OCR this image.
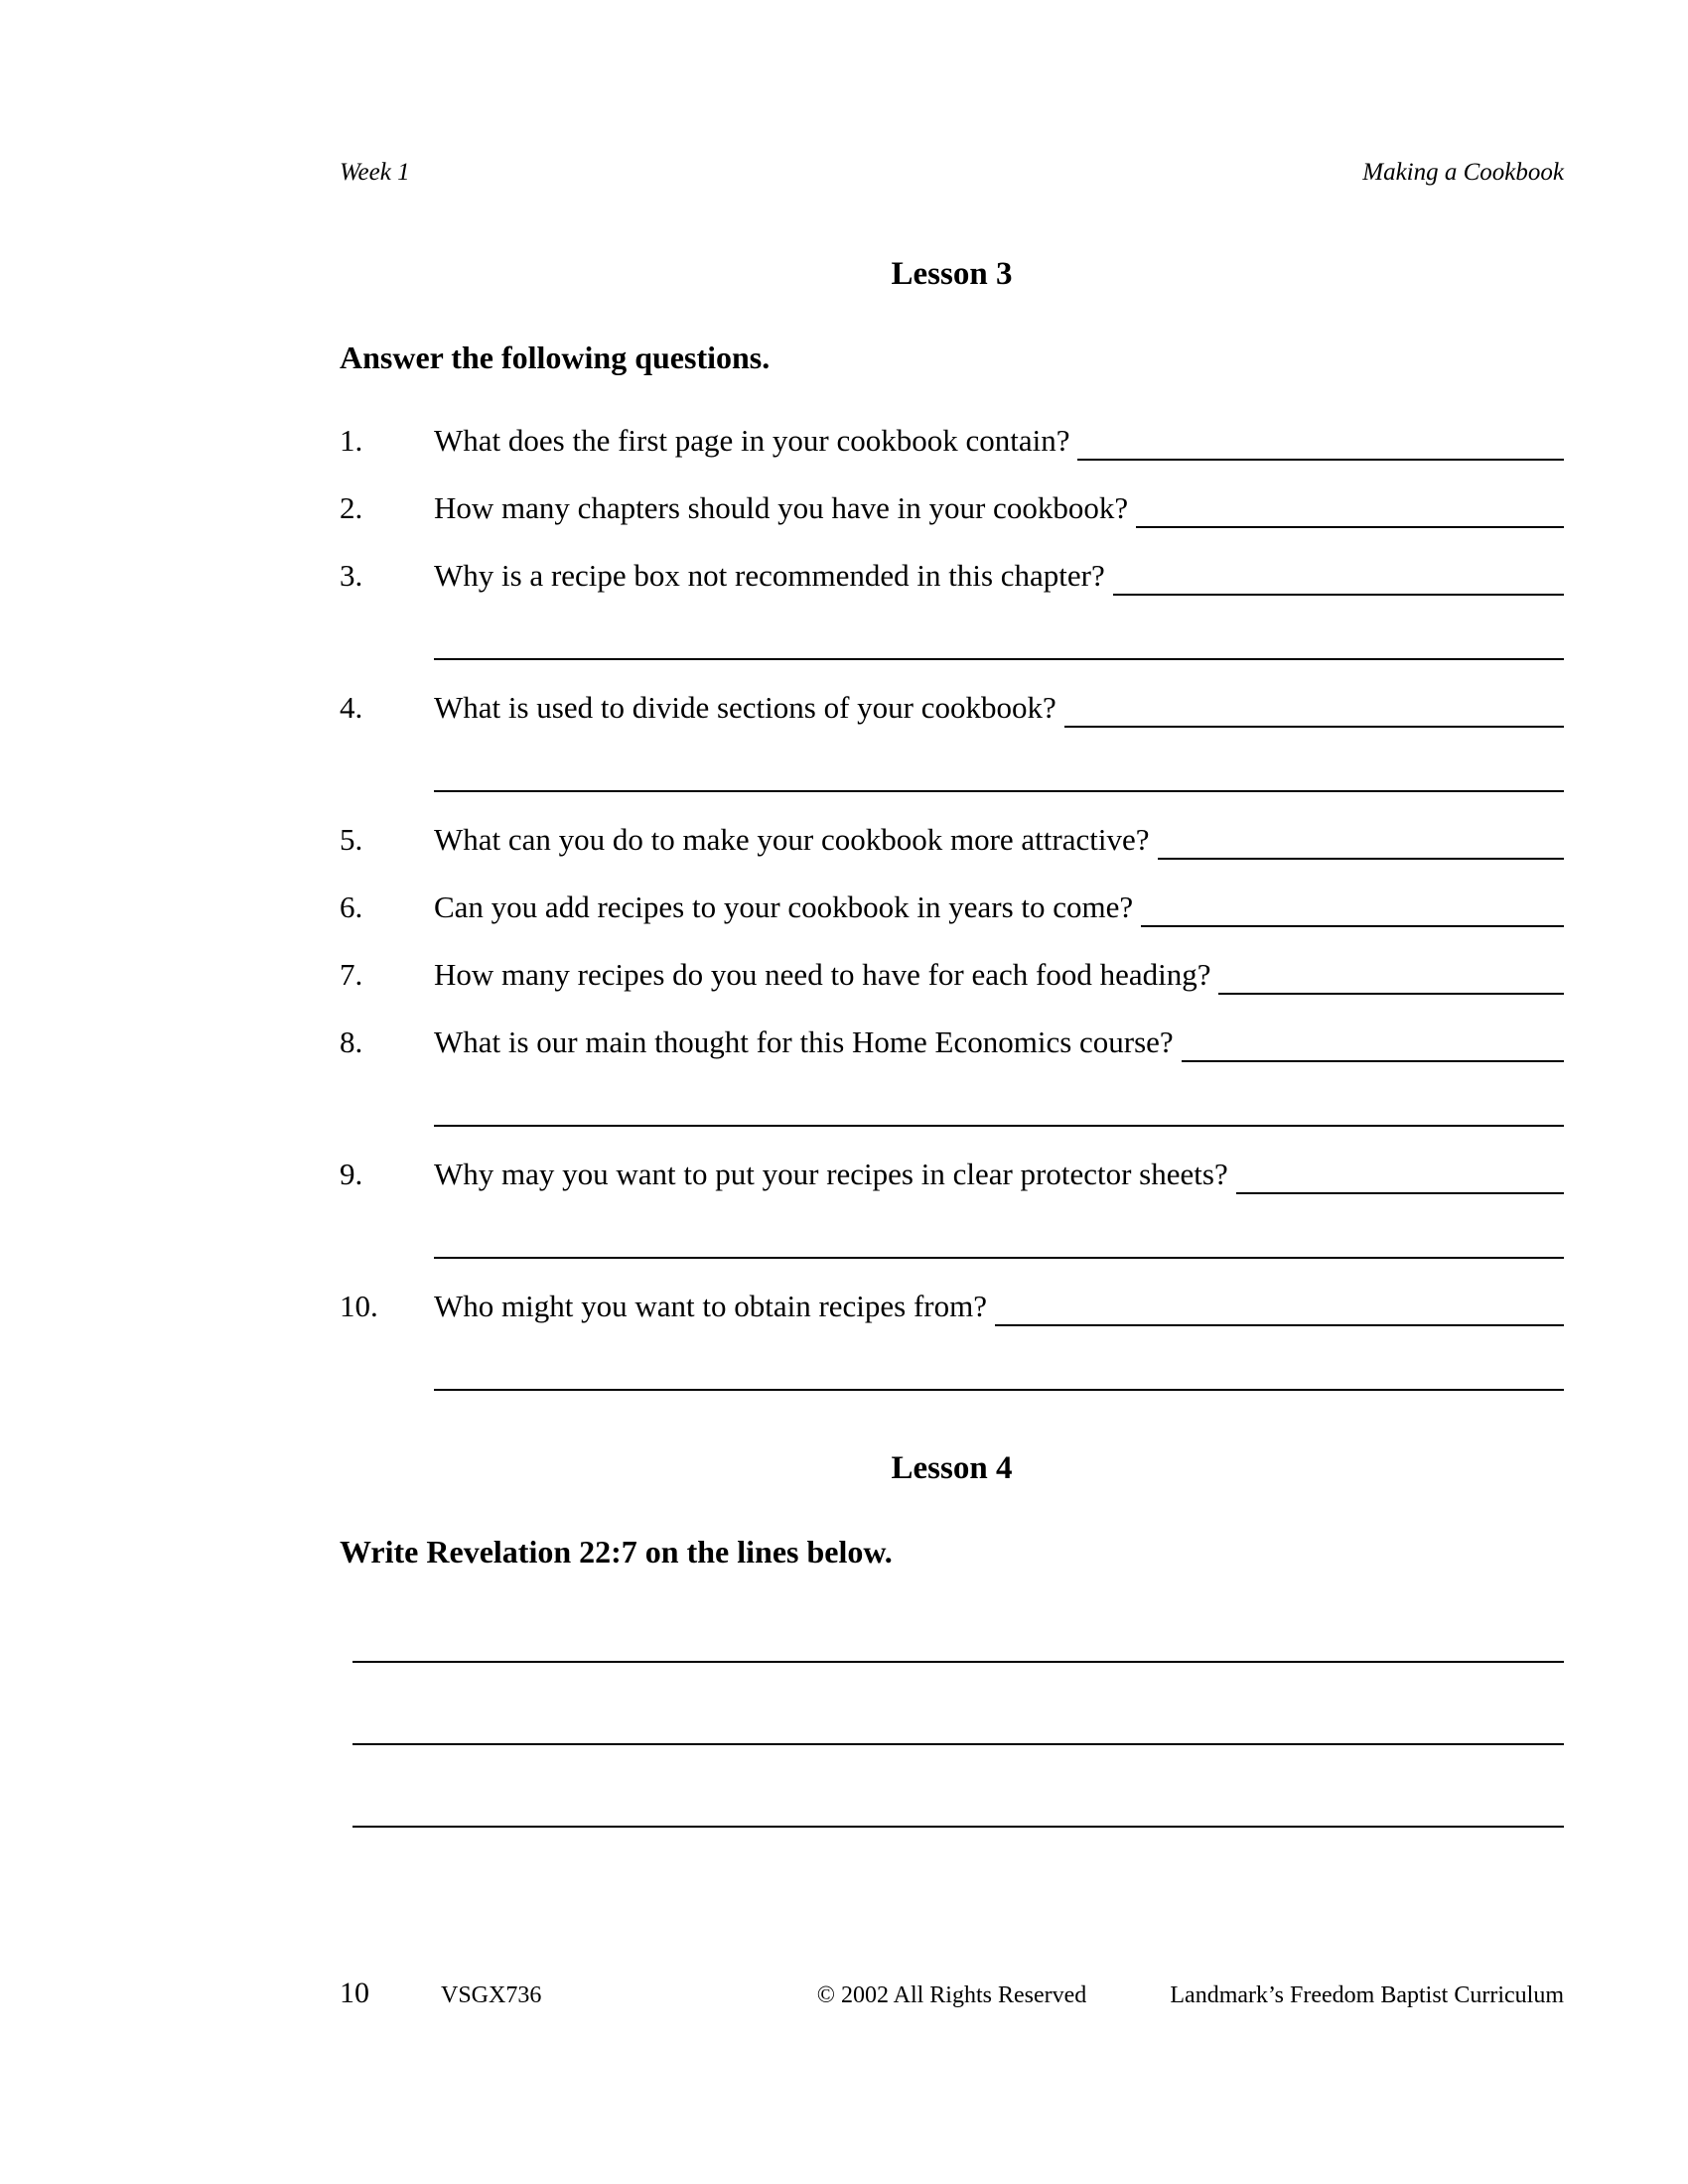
Week 1	Making a Cookbook
Lesson 3
Answer the following questions.
1.	What does the first page in your cookbook contain?
2.	How many chapters should you have in your cookbook?
3.	Why is a recipe box not recommended in this chapter?
4.	What is used to divide sections of your cookbook?
5.	What can you do to make your cookbook more attractive?
6.	Can you add recipes to your cookbook in years to come?
7.	How many recipes do you need to have for each food heading?
8.	What is our main thought for this Home Economics course?
9.	Why may you want to put your recipes in clear protector sheets?
10.	Who might you want to obtain recipes from?
Lesson 4
Write Revelation 22:7 on the lines below.
10	VSGX736	© 2002 All Rights Reserved	Landmark’s Freedom Baptist Curriculum
